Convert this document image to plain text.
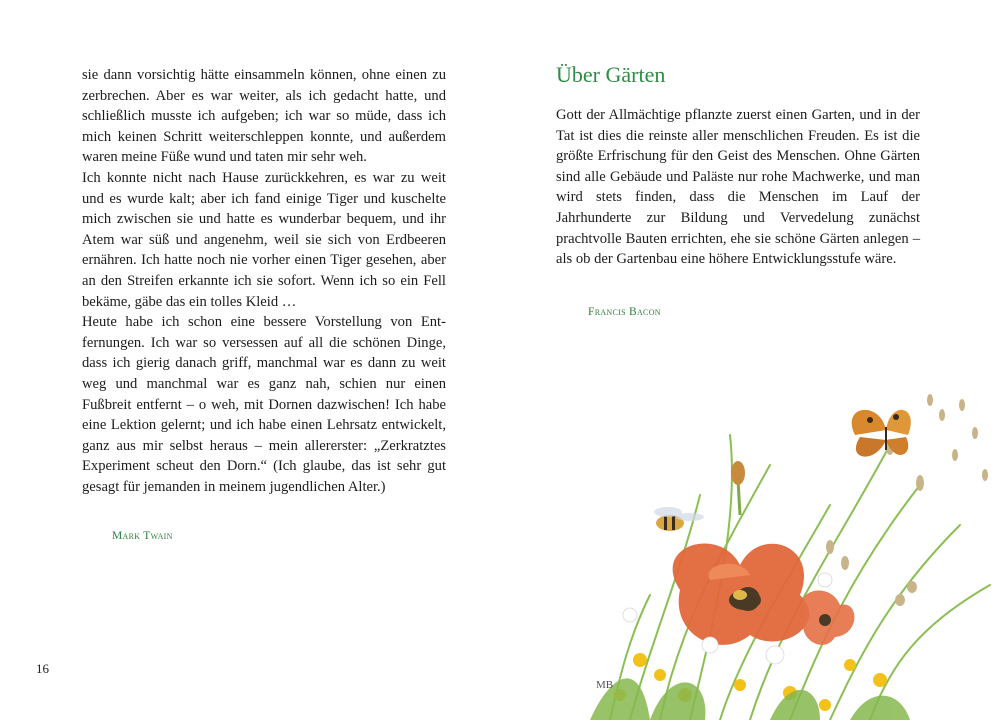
sie dann vorsichtig hätte einsammeln können, ohne einen zu zerbrechen. Aber es war weiter, als ich gedacht hatte, und schließlich musste ich aufgeben; ich war so müde, dass ich mich keinen Schritt weiterschleppen konnte, und außerdem waren meine Füße wund und taten mir sehr weh.

Ich konnte nicht nach Hause zurückkehren, es war zu weit und es wurde kalt; aber ich fand einige Tiger und kuschelte mich zwischen sie und hatte es wunderbar bequem, und ihr Atem war süß und angenehm, weil sie sich von Erdbeeren ernähren. Ich hatte noch nie vorher einen Tiger gesehen, aber an den Streifen erkannte ich sie sofort. Wenn ich so ein Fell bekäme, gäbe das ein tolles Kleid …

Heute habe ich schon eine bessere Vorstellung von Entfernungen. Ich war so versessen auf all die schönen Dinge, dass ich gierig danach griff, manchmal war es dann zu weit weg und manchmal war es ganz nah, schien nur einen Fußbreit entfernt – o weh, mit Dornen dazwischen! Ich habe eine Lektion gelernt; und ich habe einen Lehrsatz entwickelt, ganz aus mir selbst heraus – mein allererster: „Zerkratztes Experiment scheut den Dorn.“ (Ich glaube, das ist sehr gut gesagt für jemanden in meinem jugendlichen Alter.)

Mark Twain
16
Über Gärten

Gott der Allmächtige pflanzte zuerst einen Garten, und in der Tat ist dies die reinste aller menschlichen Freuden. Es ist die größte Erfrischung für den Geist des Menschen. Ohne Gärten sind alle Gebäude und Paläste nur rohe Machwerke, und man wird stets finden, dass die Menschen im Lauf der Jahrhunderte zur Bildung und Vervedelung zunächst prachtvolle Bauten errichten, ehe sie schöne Gärten anlegen – als ob der Gartenbau eine höhere Entwicklungsstufe wäre.

Francis Bacon
MB
